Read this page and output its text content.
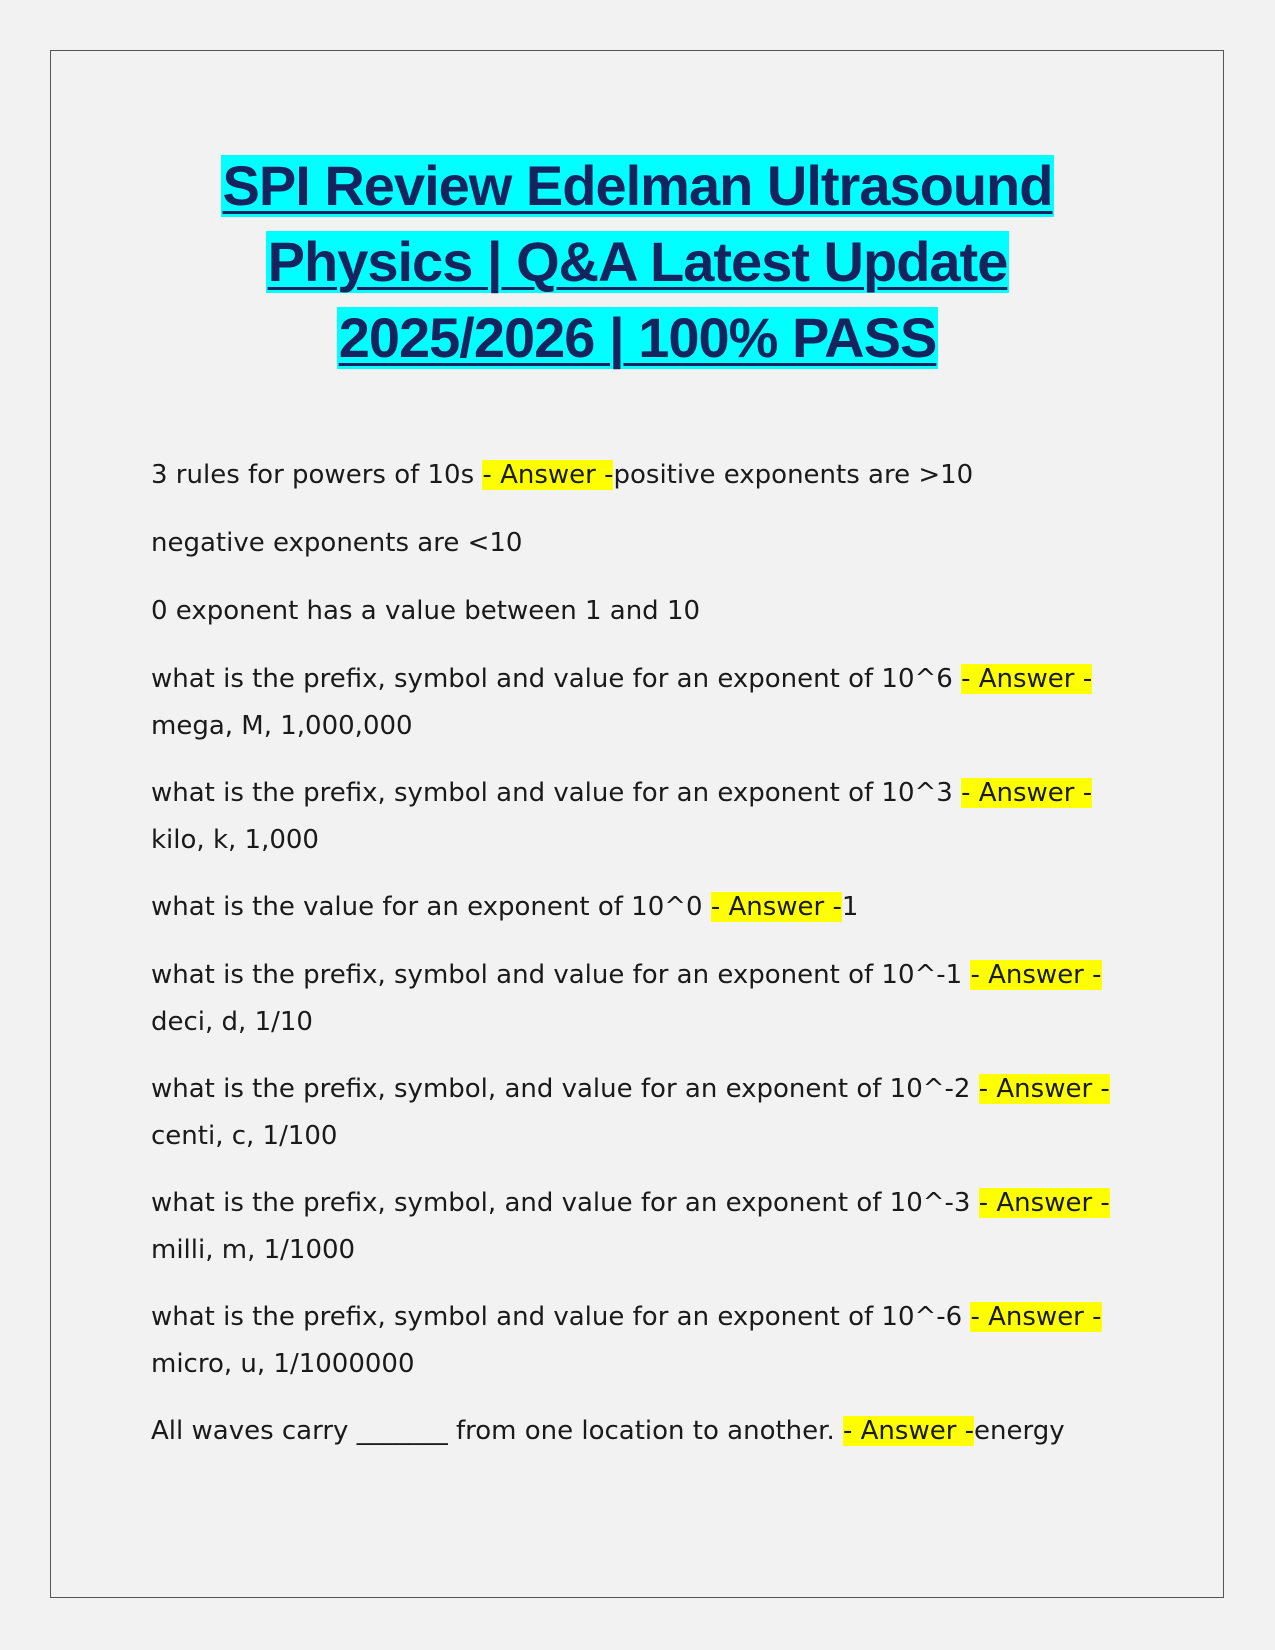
SPI Review Edelman Ultrasound
Physics | Q&A Latest Update
2025/2026 | 100% PASS
3 rules for powers of 10s - Answer -positive exponents are >10
negative exponents are <10
0 exponent has a value between 1 and 10
what is the prefix, symbol and value for an exponent of 10^6 - Answer -
mega, M, 1,000,000
what is the prefix, symbol and value for an exponent of 10^3 - Answer -
kilo, k, 1,000
what is the value for an exponent of 10^0 - Answer -1
what is the prefix, symbol and value for an exponent of 10^-1 - Answer -
deci, d, 1/10
what is the prefix, symbol, and value for an exponent of 10^-2 - Answer -centi, c, 1/100
what is the prefix, symbol, and value for an exponent of 10^-3 - Answer -milli, m, 1/1000
what is the prefix, symbol and value for an exponent of 10^-6 - Answer -
micro, u, 1/1000000
All waves carry _______ from one location to another. - Answer -energy
